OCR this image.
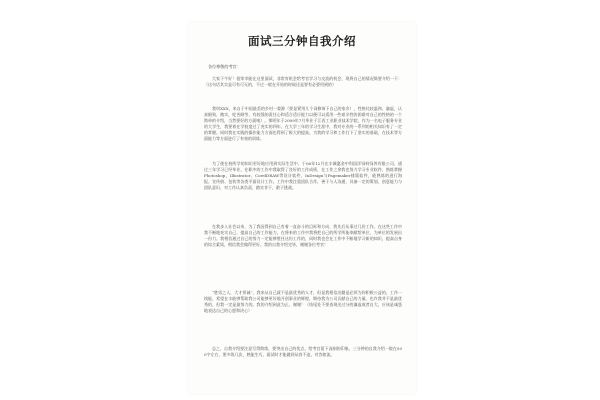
面试三分钟自我介绍
各位尊敬的考官：
大家下午好！很荣幸能在这里面试，非常有机会给考官学习与交流的机会，现将自己的情况简要介绍一下：（这句话其实是可有可无的，不过一般在开始的时候还是要有必要用到的）
我叫XXX，来自于中国最美的乡村一婺源（要是紧用几个词修饰下自己的家乡），性格比较温和、谦虚，认真细致，踏实，吃苦耐劳，有较强的责任心和适合适应能力以便可以适用一些艰辛性的困难对自己的性格的一个简单的介绍，当然要好的方面啦）。那明年于2009年7月毕业于江西工业职业技术学院，作为一名电子服务专业的大学生，我要着在学校度过了充实的四年，在大学三年的学习生涯中，我对专业的一系列的相关知识有了一定的掌握。同时我在实践的操作能力方面也得到了极大的提高，为我的学习和工作打下了坚实的基础，在技术等方面能力等方面进行了有效的训练。
为了使在校所学的知识更好地应用到实际生活中，于06年12月在丰城惠金中科国洋饲料饲养有限公司，通过三年学习已经毕业，在职中的工作中我取得了良好的工作成绩，在工作之余我也努力学习专业软件，熟练掌握Photoshop，Illustrator、CorelDRAW等设计软件，InDesign与Pagemaker排版软件，能熟练的进行海报、宣传册、包装等各类平面设计工作。工作中我注重团队合作，善于与人沟通，具备一定的策划、创意能力与团队意识，对工作认真负责，踏实肯干，敢于挑战。
在我步入社会以来，为了我因得到自己有着一直奋斗的目标和方向，我先后从事过几份工作，在这些工作中我不断地充实自己，提高自己的工作能力。在将来的工作中我将把自己的所学所能奉献给单位，为单位的发展出一份力。我相信通过自己的努力一定能够胜任这份工作的，同时我也会在工作中不断地学习新的知识，提高自身的综合素质，相信我会做得更好。我的自我介绍完毕，谢谢各位考官！
“胜男之人，大才须诚”，我来从自己就不是最优秀的人才，但是我相信出勤是必须为你积极公益的。工作一线能，希望在丰能够帮助我公司能够更好地开创事业的辉煌，期待我为公司贡献自己的力量。也许我并不是最优秀的，但我一定是最努力的。我的介绍到此为止，谢谢！（结尾处不要表现出过分的谦虚或者自大，应该是诚恳地表达自己的心愿和决心）
总之，自我介绍要注意写得简练，要突出自己的优点，给考官留下深刻的印象。三分钟的自我介绍一般在500字左右，要多练几次，熟能生巧，面试时才能做到从容不迫，对答如流。
